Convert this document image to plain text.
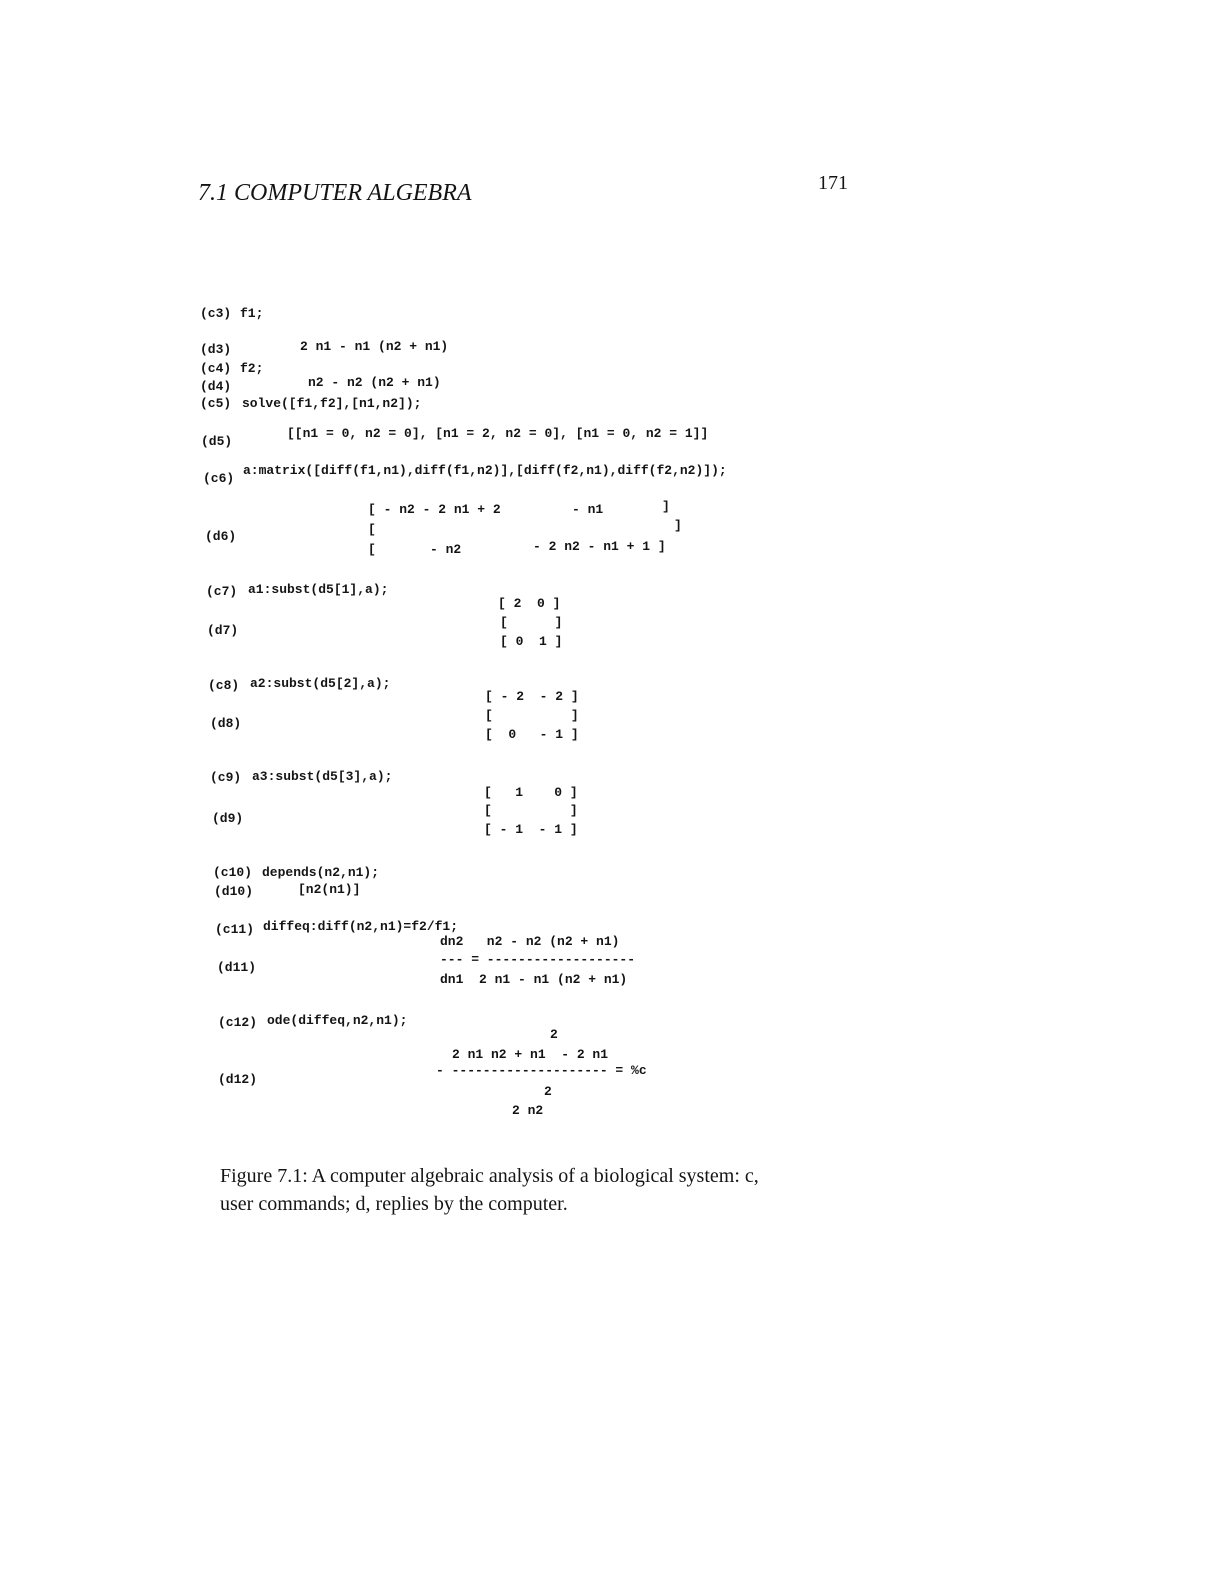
7.1 COMPUTER ALGEBRA	171
(c3) f1;
(d3)	2 n1 - n1 (n2 + n1)
(c4) f2;
(d4)	n2 - n2 (n2 + n1)
(c5) solve([f1,f2],[n1,n2]);
(d5)
[[n1 = 0, n2 = 0], [n1 = 2, n2 = 0], [n1 = 0, n2 = 1]]
(c6)
a:matrix([diff(f1,n1),diff(f1,n2)],[diff(f2,n1),diff(f2,n2)]);
(d6)
[ - n2 - 2 n1 + 2	- n1	]
[	]
[	- n2	- 2 n2 - n1 + 1 ]
(c7) a1:subst(d5[1],a);
(d7)
[ 2  0 ]
[      ]
[ 0  1 ]
(c8) a2:subst(d5[2],a);
(d8)
[ - 2  - 2 ]
[          ]
[  0   - 1 ]
(c9) a3:subst(d5[3],a);
(d9)
[   1    0 ]
[          ]
[ - 1  - 1 ]
(c10) depends(n2,n1);
(d10)	[n2(n1)]
(c11) diffeq:diff(n2,n1)=f2/f1;
(d11)
dn2   n2 - n2 (n2 + n1)
--- = -------------------
dn1  2 n1 - n1 (n2 + n1)
(c12) ode(diffeq,n2,n1);
2
2 n1 n2 + n1  - 2 n1
(d12)
- -------------------- = %c
2
2 n2
Figure 7.1: A computer algebraic analysis of a biological system: c,
user commands; d, replies by the computer.
